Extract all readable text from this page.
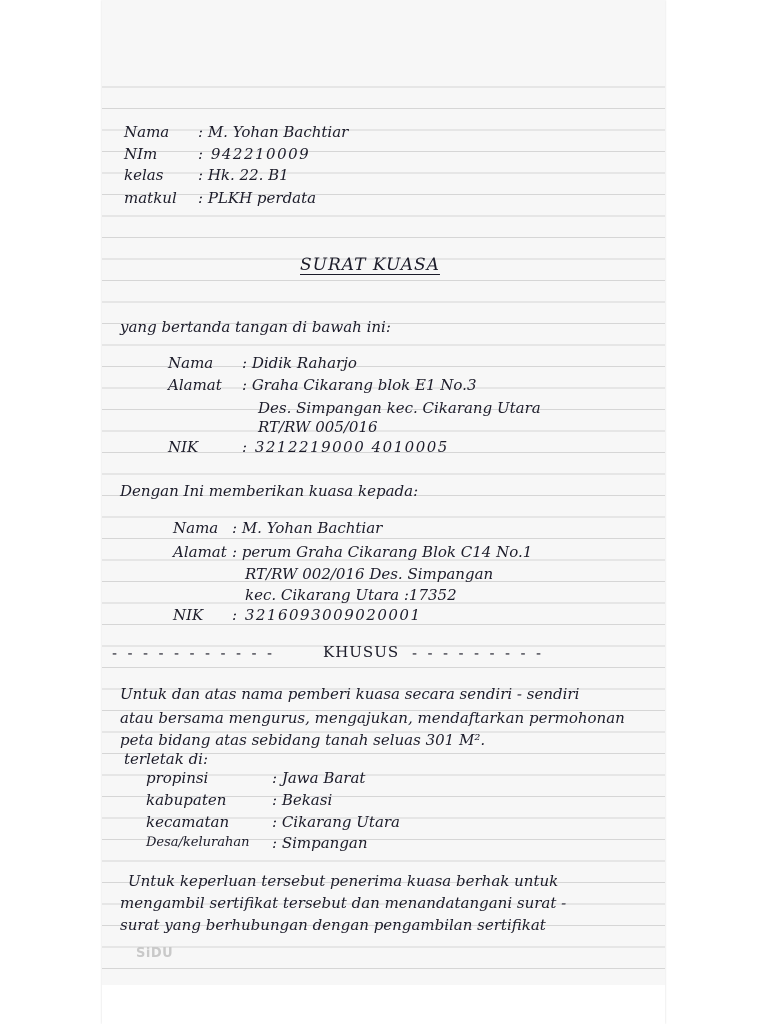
Nama : M. Yohan Bachtiar
NIm	: 942210009
kelas : Hk. 22. B1
matkul : PLKH perdata
SURAT KUASA
yang bertanda tangan di bawah ini:
Nama : Didik Raharjo
Alamat : Graha Cikarang blok E1 No.3
Des. Simpangan kec. Cikarang Utara
RT/RW 005/016
NIK	: 3212219000 4010005
Dengan Ini memberikan kuasa kepada:
Nama : M. Yohan Bachtiar
Alamat : perum Graha Cikarang Blok C14 No.1
RT/RW 002/016 Des. Simpangan
kec. Cikarang Utara :17352
NIK : 3216093009020001
- - - - - - - - - - -	KHUSUS - - - - - - - - -
Untuk dan atas nama pemberi kuasa secara sendiri - sendiri
atau bersama mengurus, mengajukan, mendaftarkan permohonan
peta bidang atas sebidang tanah seluas 301 M².
terletak di:
propinsi	: Jawa Barat
kabupaten	: Bekasi
kecamatan	: Cikarang Utara
Desa/kelurahan : Simpangan
Untuk keperluan tersebut penerima kuasa berhak untuk
mengambil sertifikat tersebut dan menandatangani surat -
surat yang berhubungan dengan pengambilan sertifikat
SiDU
